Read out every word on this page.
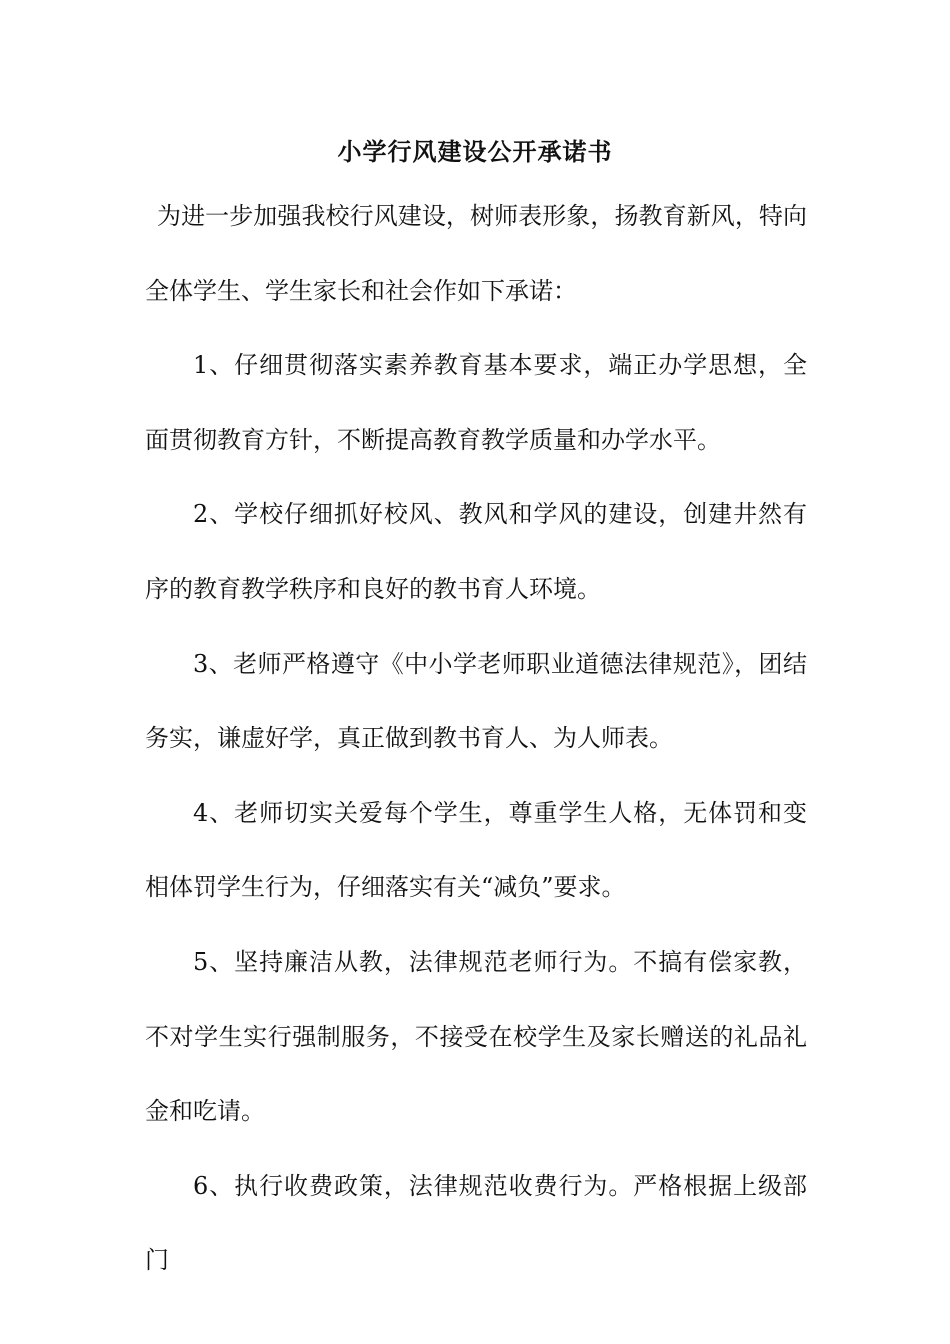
小学行风建设公开承诺书

为进一步加强我校行风建设，树师表形象，扬教育新风，特向全体学生、学生家长和社会作如下承诺：

1、仔细贯彻落实素养教育基本要求，端正办学思想，全面贯彻教育方针，不断提高教育教学质量和办学水平。

2、学校仔细抓好校风、教风和学风的建设，创建井然有序的教育教学秩序和良好的教书育人环境。

3、老师严格遵守《中小学老师职业道德法律规范》，团结务实，谦虚好学，真正做到教书育人、为人师表。

4、老师切实关爱每个学生，尊重学生人格，无体罚和变相体罚学生行为，仔细落实有关“减负”要求。

5、坚持廉洁从教，法律规范老师行为。不搞有偿家教，不对学生实行强制服务，不接受在校学生及家长赠送的礼品礼金和吃请。

6、执行收费政策，法律规范收费行为。严格根据上级部门
